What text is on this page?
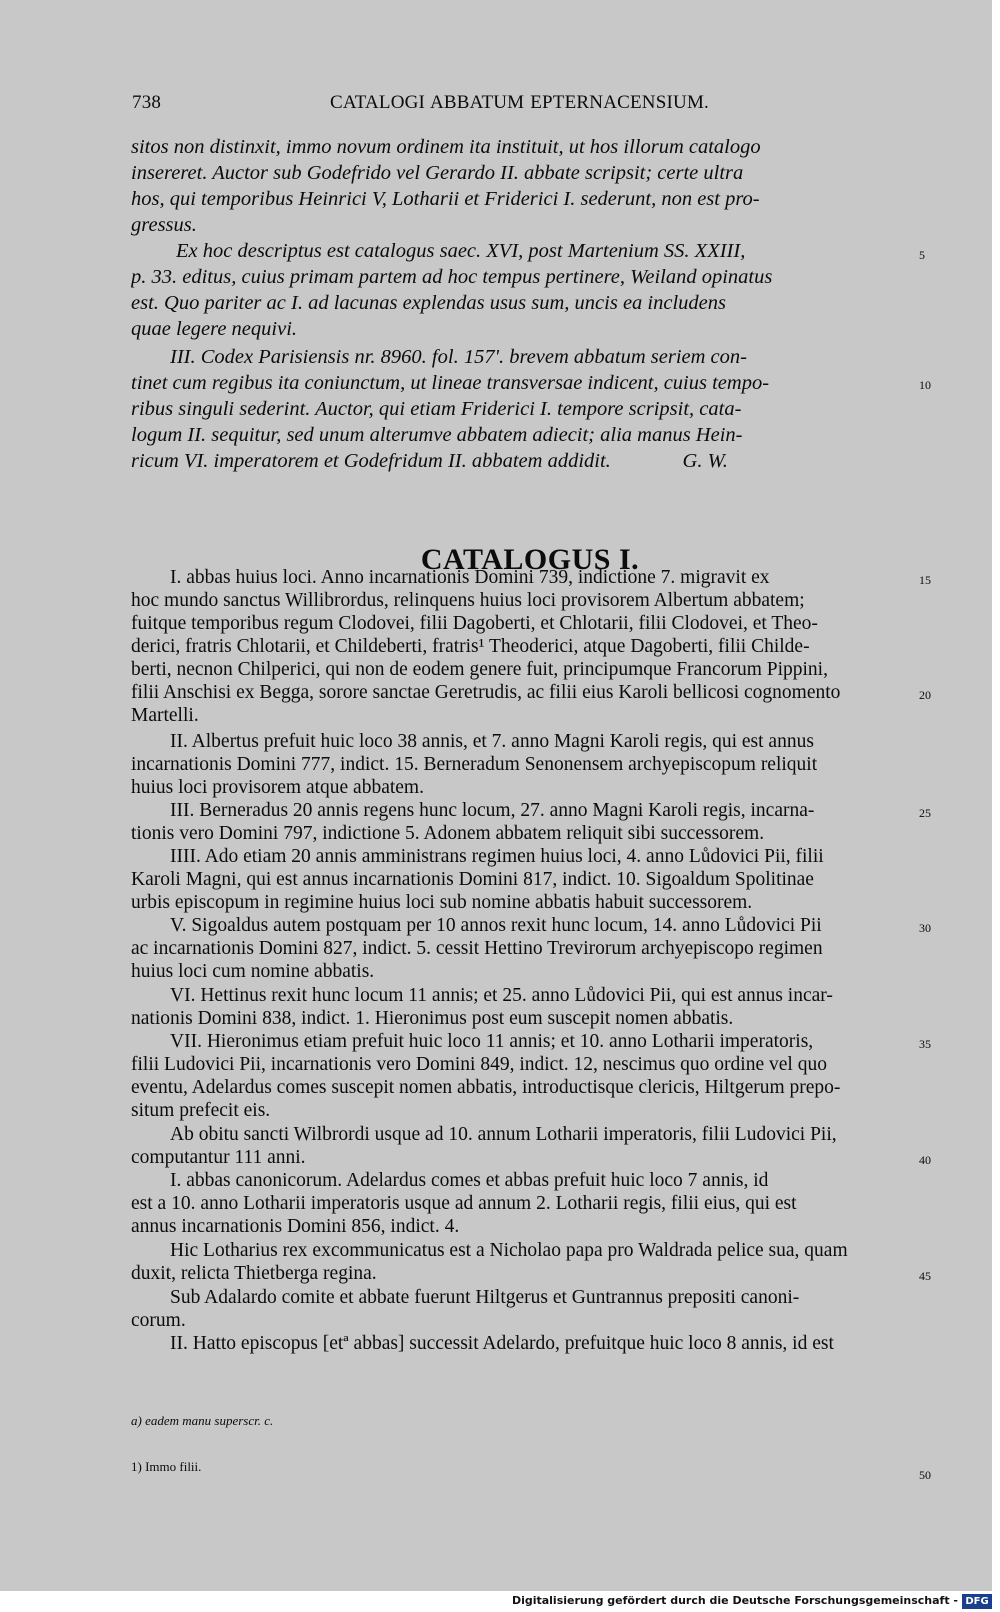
738	CATALOGI ABBATUM EPTERNACENSIUM.
sitos non distinxit, immo novum ordinem ita instituit, ut hos illorum catalogo
insereret. Auctor sub Godefrido vel Gerardo II. abbate scripsit; certe ultra
hos, qui temporibus Heinrici V, Lotharii et Friderici I. sederunt, non est pro-
gressus.
Ex hoc descriptus est catalogus saec. XVI, post Martenium SS. XXIII,
p. 33. editus, cuius primam partem ad hoc tempus pertinere, Weiland opinatus
est. Quo pariter ac I. ad lacunas explendas usus sum, uncis ea includens
quae legere nequivi.
III. Codex Parisiensis nr. 8960. fol. 157'. brevem abbatum seriem con-
tinet cum regibus ita coniunctum, ut lineae transversae indicent, cuius tempo-
ribus singuli sederint. Auctor, qui etiam Friderici I. tempore scripsit, cata-
logum II. sequitur, sed unum alterumve abbatem adiecit; alia manus Hein-
ricum VI. imperatorem et Godefridum II. abbatem addidit.              G. W.
5
10
CATALOGUS I.
I. abbas huius loci. Anno incarnationis Domini 739, indictione 7. migravit ex
hoc mundo sanctus Willibrordus, relinquens huius loci provisorem Albertum abbatem;
fuitque temporibus regum Clodovei, filii Dagoberti, et Chlotarii, filii Clodovei, et Theo-
derici, fratris Chlotarii, et Childeberti, fratris¹ Theoderici, atque Dagoberti, filii Childe-
berti, necnon Chilperici, qui non de eodem genere fuit, principumque Francorum Pippini,
filii Anschisi ex Begga, sorore sanctae Geretrudis, ac filii eius Karoli bellicosi cognomento
Martelli.
II. Albertus prefuit huic loco 38 annis, et 7. anno Magni Karoli regis, qui est annus
incarnationis Domini 777, indict. 15. Berneradum Senonensem archyepiscopum reliquit
huius loci provisorem atque abbatem.
III. Berneradus 20 annis regens hunc locum, 27. anno Magni Karoli regis, incarna-
tionis vero Domini 797, indictione 5. Adonem abbatem reliquit sibi successorem.
IIII. Ado etiam 20 annis amministrans regimen huius loci, 4. anno Lůdovici Pii, filii
Karoli Magni, qui est annus incarnationis Domini 817, indict. 10. Sigoaldum Spolitinae
urbis episcopum in regimine huius loci sub nomine abbatis habuit successorem.
V. Sigoaldus autem postquam per 10 annos rexit hunc locum, 14. anno Lůdovici Pii
ac incarnationis Domini 827, indict. 5. cessit Hettino Trevirorum archyepiscopo regimen
huius loci cum nomine abbatis.
VI. Hettinus rexit hunc locum 11 annis; et 25. anno Lůdovici Pii, qui est annus incar-
nationis Domini 838, indict. 1. Hieronimus post eum suscepit nomen abbatis.
VII. Hieronimus etiam prefuit huic loco 11 annis; et 10. anno Lotharii imperatoris,
filii Ludovici Pii, incarnationis vero Domini 849, indict. 12, nescimus quo ordine vel quo
eventu, Adelardus comes suscepit nomen abbatis, introductisque clericis, Hiltgerum prepo-
situm prefecit eis.
Ab obitu sancti Wilbrordi usque ad 10. annum Lotharii imperatoris, filii Ludovici Pii,
computantur 111 anni.
I. abbas canonicorum. Adelardus comes et abbas prefuit huic loco 7 annis, id
est a 10. anno Lotharii imperatoris usque ad annum 2. Lotharii regis, filii eius, qui est
annus incarnationis Domini 856, indict. 4.
Hic Lotharius rex excommunicatus est a Nicholao papa pro Waldrada pelice sua, quam
duxit, relicta Thietberga regina.
Sub Adalardo comite et abbate fuerunt Hiltgerus et Guntrannus prepositi canoni-
corum.
II. Hatto episcopus [etª abbas] successit Adelardo, prefuitque huic loco 8 annis, id est
15
20
25
30
35
40
45
a) eadem manu superscr. c.
1) Immo filii.
50
Digitalisierung gefördert durch die Deutsche Forschungsgemeinschaft - DFG
